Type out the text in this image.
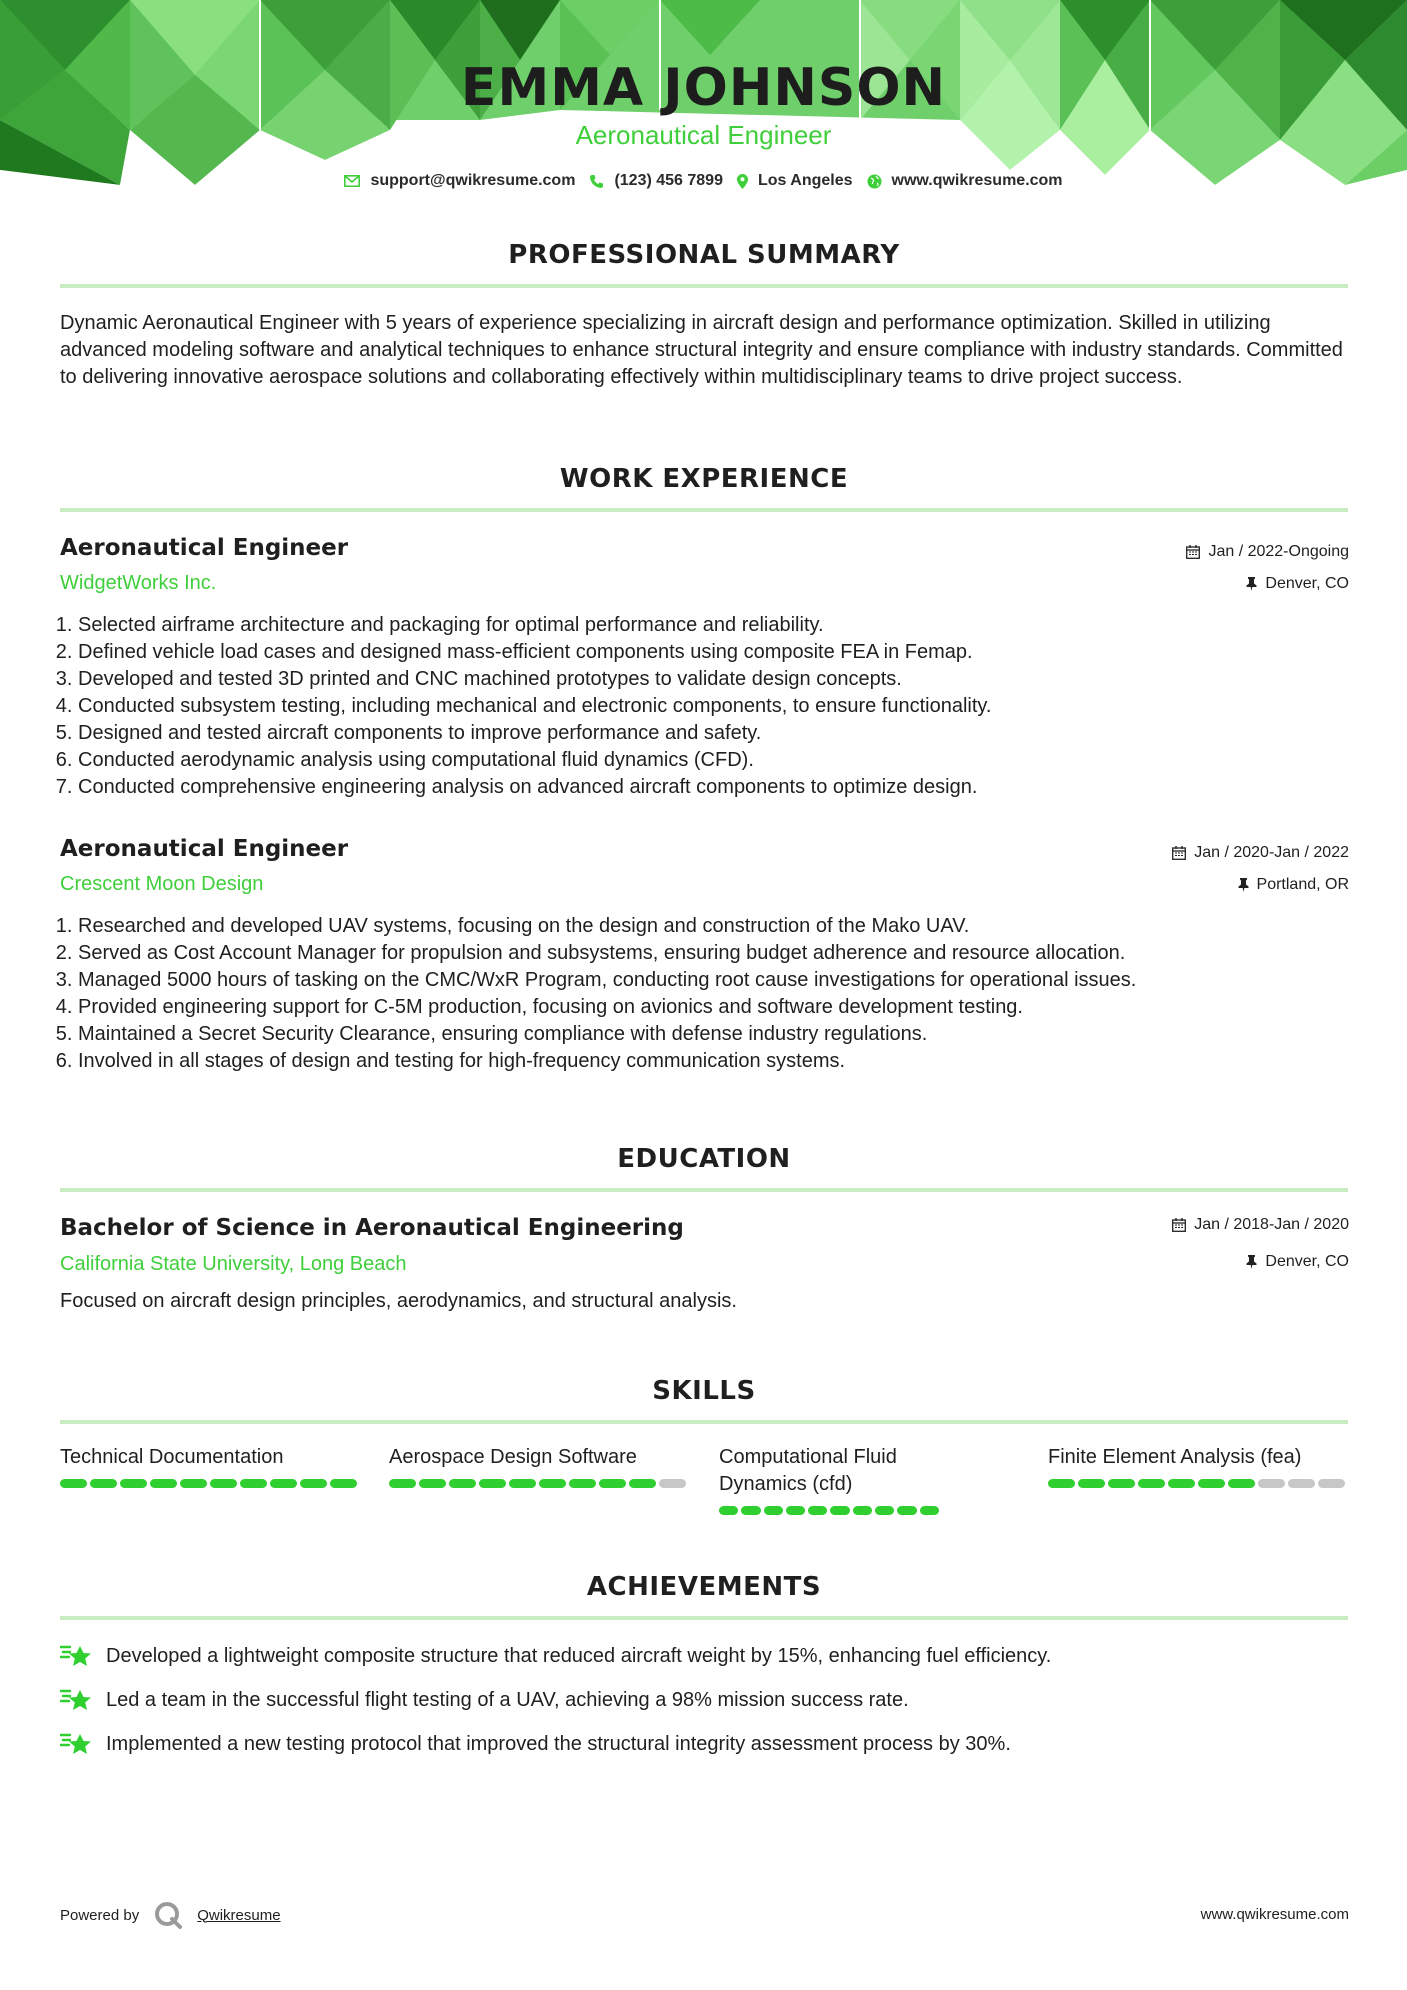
EMMA JOHNSON
Aeronautical Engineer
support@qwikresume.com (123) 456 7899 Los Angeles www.qwikresume.com
PROFESSIONAL SUMMARY
Dynamic Aeronautical Engineer with 5 years of experience specializing in aircraft design and performance optimization. Skilled in utilizing advanced modeling software and analytical techniques to enhance structural integrity and ensure compliance with industry standards. Committed to delivering innovative aerospace solutions and collaborating effectively within multidisciplinary teams to drive project success.
WORK EXPERIENCE
Aeronautical Engineer
WidgetWorks Inc.
Jan / 2022-Ongoing
Denver, CO
1. Selected airframe architecture and packaging for optimal performance and reliability.
2. Defined vehicle load cases and designed mass-efficient components using composite FEA in Femap.
3. Developed and tested 3D printed and CNC machined prototypes to validate design concepts.
4. Conducted subsystem testing, including mechanical and electronic components, to ensure functionality.
5. Designed and tested aircraft components to improve performance and safety.
6. Conducted aerodynamic analysis using computational fluid dynamics (CFD).
7. Conducted comprehensive engineering analysis on advanced aircraft components to optimize design.
Aeronautical Engineer
Crescent Moon Design
Jan / 2020-Jan / 2022
Portland, OR
1. Researched and developed UAV systems, focusing on the design and construction of the Mako UAV.
2. Served as Cost Account Manager for propulsion and subsystems, ensuring budget adherence and resource allocation.
3. Managed 5000 hours of tasking on the CMC/WxR Program, conducting root cause investigations for operational issues.
4. Provided engineering support for C-5M production, focusing on avionics and software development testing.
5. Maintained a Secret Security Clearance, ensuring compliance with defense industry regulations.
6. Involved in all stages of design and testing for high-frequency communication systems.
EDUCATION
Bachelor of Science in Aeronautical Engineering
California State University, Long Beach
Jan / 2018-Jan / 2020
Denver, CO
Focused on aircraft design principles, aerodynamics, and structural analysis.
SKILLS
Technical Documentation	Aerospace Design Software	Computational Fluid Dynamics (cfd)
Finite Element Analysis (fea)
ACHIEVEMENTS
Developed a lightweight composite structure that reduced aircraft weight by 15%, enhancing fuel efficiency.
Led a team in the successful flight testing of a UAV, achieving a 98% mission success rate.
Implemented a new testing protocol that improved the structural integrity assessment process by 30%.
Powered by	Qwikresume	www.qwikresume.com
